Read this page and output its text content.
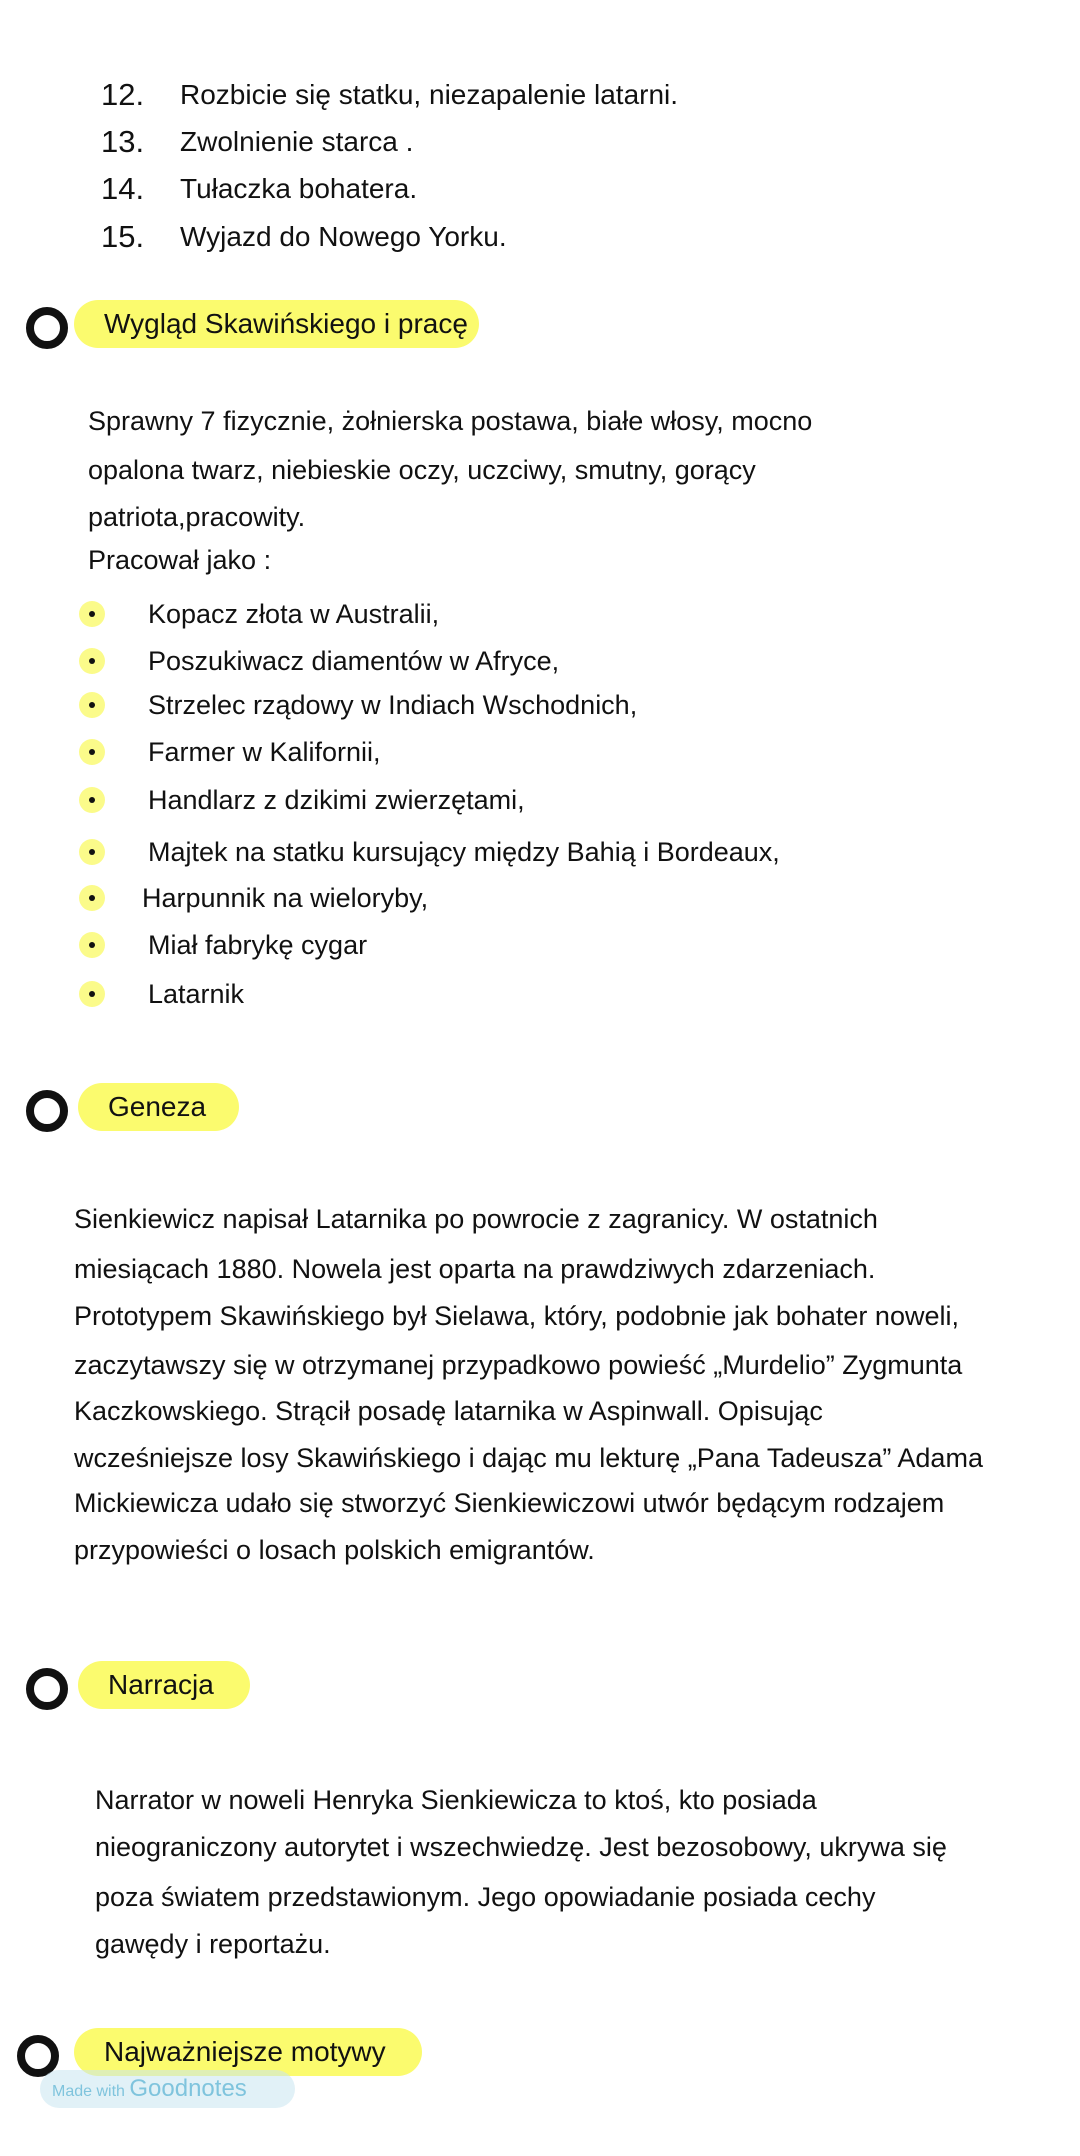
12. Rozbicie się statku, niezapalenie latarni.
13. Zwolnienie starca .
14. Tułaczka bohatera.
15. Wyjazd do Nowego Yorku.
Wygląd Skawińskiego i pracę
Sprawny 7 fizycznie, żołnierska postawa, białe włosy, mocno
opalona twarz, niebieskie oczy, uczciwy, smutny, gorący
patriota,pracowity.
Pracował jako :
Kopacz złota w Australii,
Poszukiwacz diamentów w Afryce,
Strzelec rządowy w Indiach Wschodnich,
Farmer w Kalifornii,
Handlarz z dzikimi zwierzętami,
Majtek na statku kursujący między Bahią i Bordeaux,
Harpunnik na wieloryby,
Miał fabrykę cygar
Latarnik
Geneza
Sienkiewicz napisał Latarnika po powrocie z zagranicy. W ostatnich
miesiącach 1880. Nowela jest oparta na prawdziwych zdarzeniach.
Prototypem Skawińskiego był Sielawa, który, podobnie jak bohater noweli,
zaczytawszy się w otrzymanej przypadkowo powieść „Murdelio” Zygmunta
Kaczkowskiego. Strącił posadę latarnika w Aspinwall. Opisując
wcześniejsze losy Skawińskiego i dając mu lekturę „Pana Tadeusza” Adama
Mickiewicza udało się stworzyć Sienkiewiczowi utwór będącym rodzajem
przypowieści o losach polskich emigrantów.
Narracja
Narrator w noweli Henryka Sienkiewicza to ktoś, kto posiada
nieograniczony autorytet i wszechwiedzę. Jest bezosobowy, ukrywa się
poza światem przedstawionym. Jego opowiadanie posiada cechy
gawędy i reportażu.
Najważniejsze motywy
Made with Goodnotes
